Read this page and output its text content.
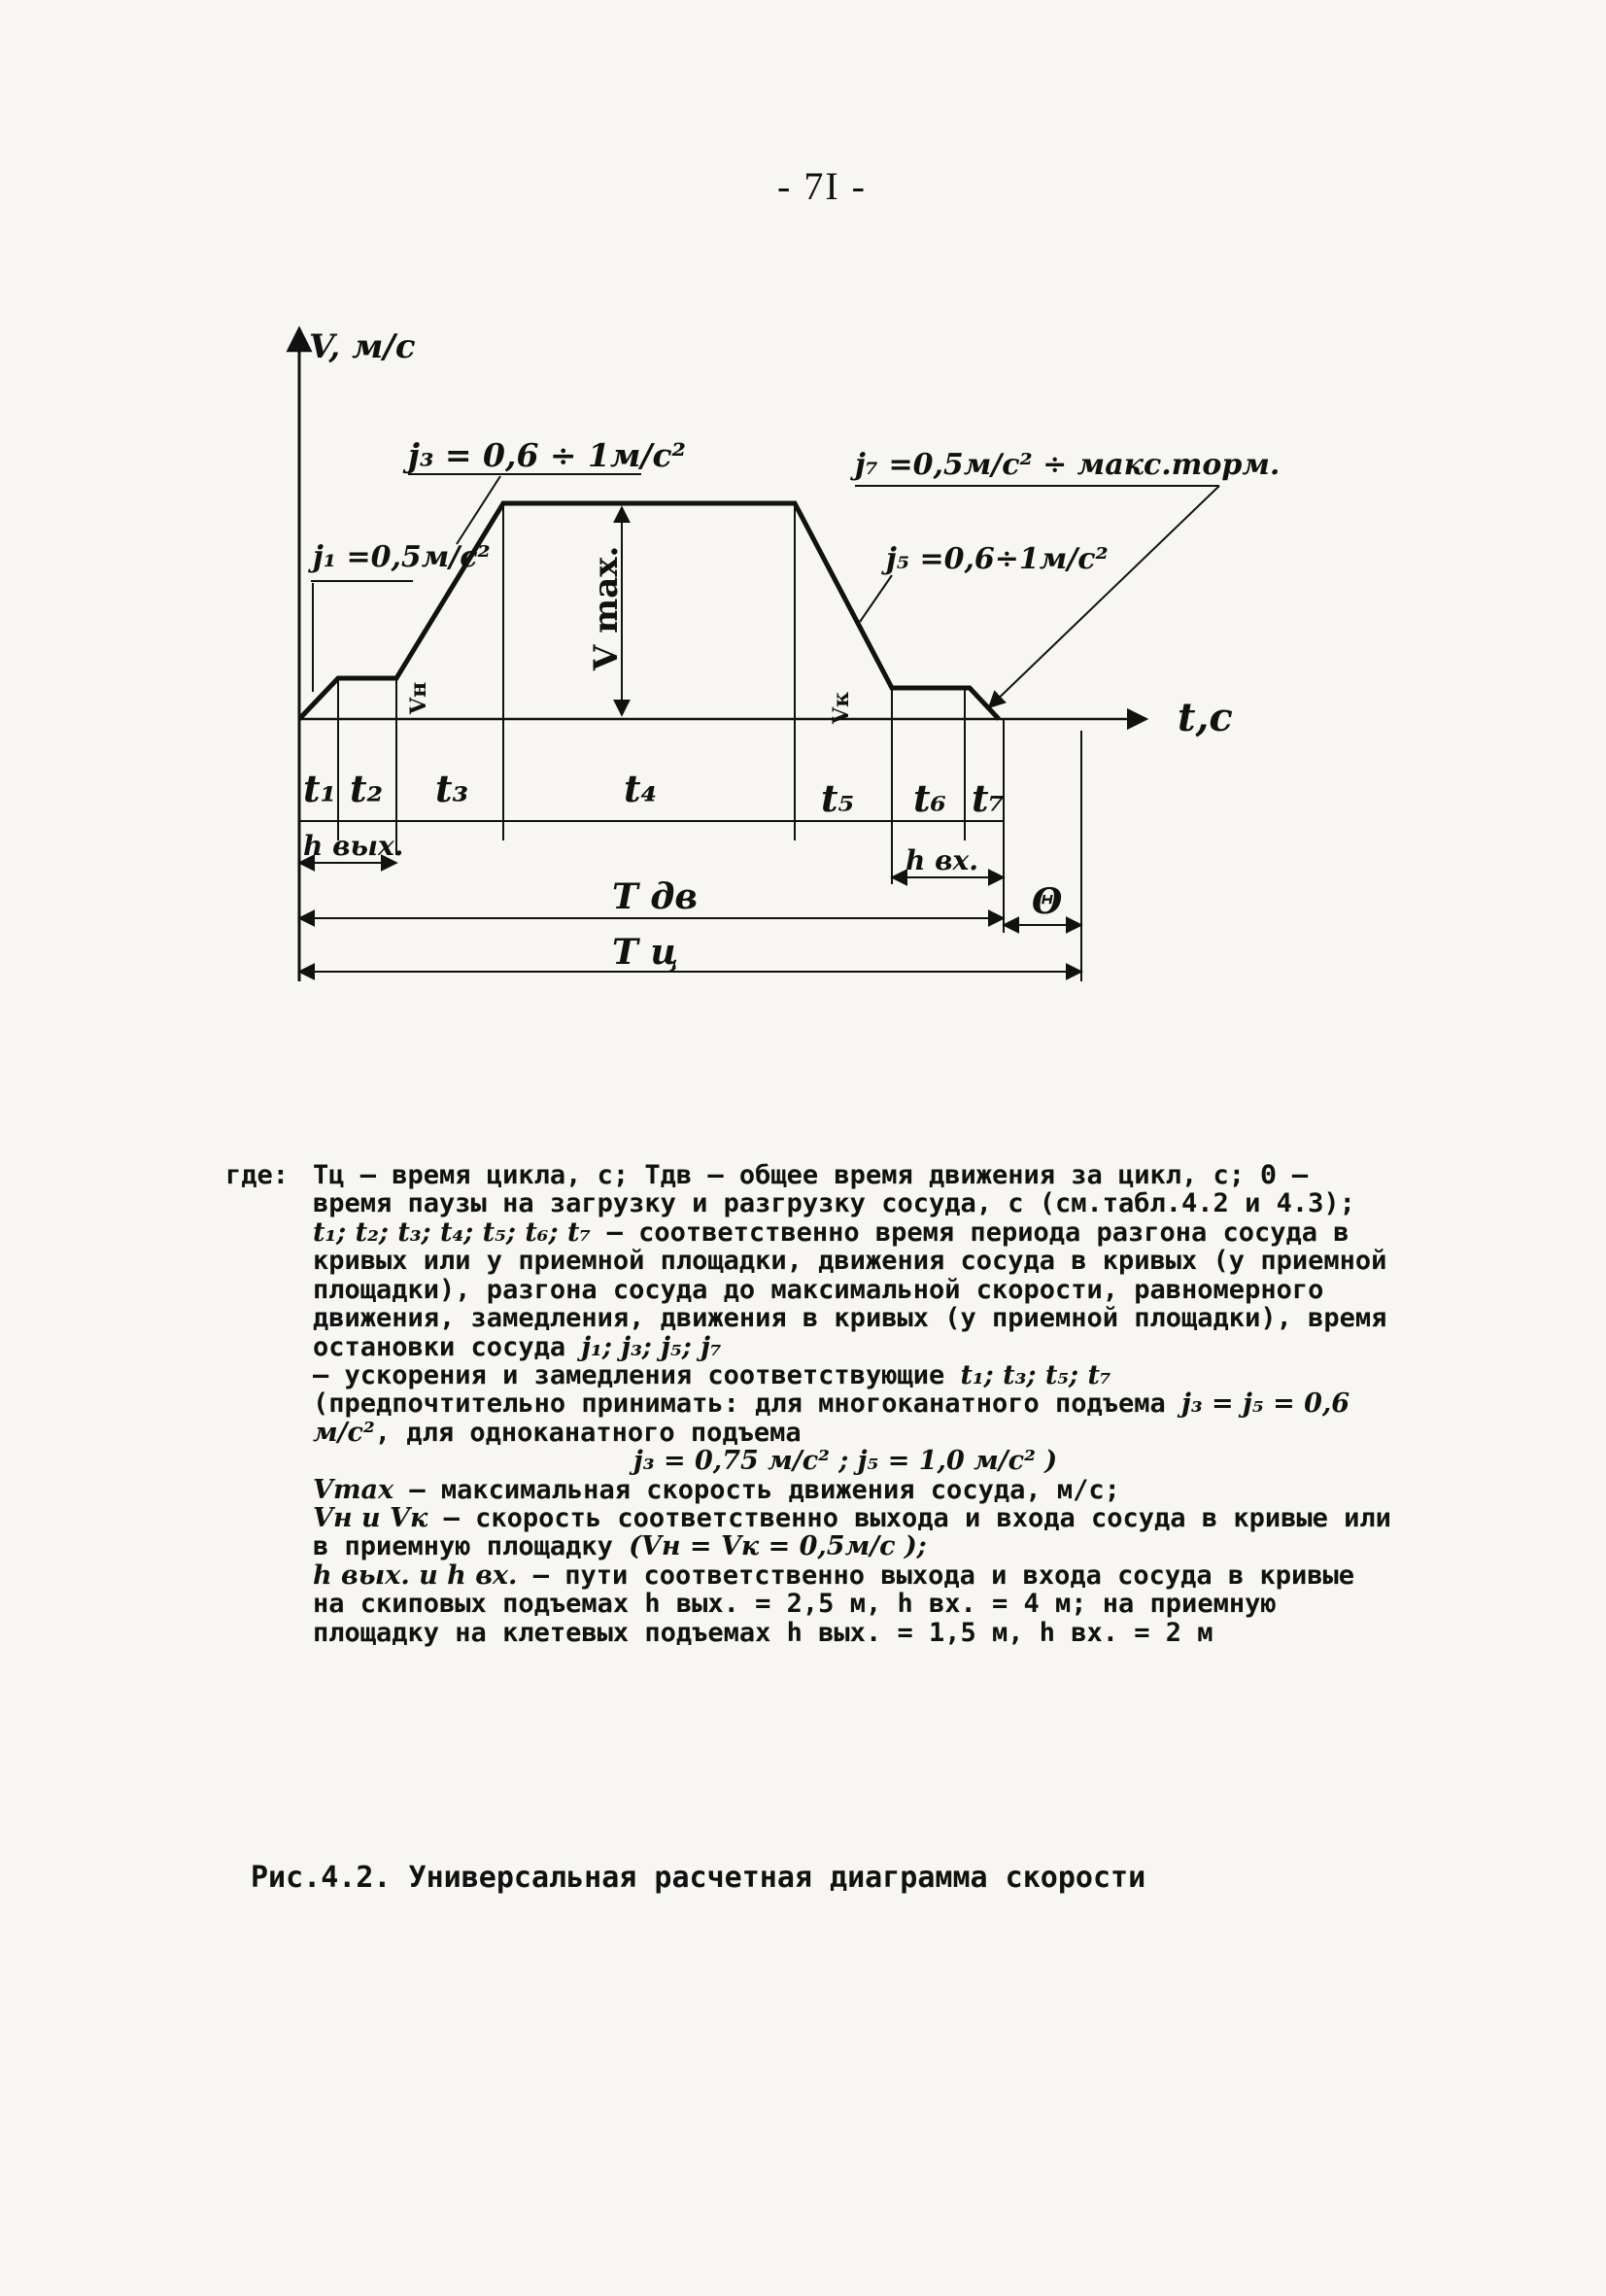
- 7I -
V, м/с
t,c
V max.
Vн	Vк
t₁ t₂ t₃	t₄	t₅ t₆ t₇
h вых.	h вх.
T дв	Θ
T ц
j₃ = 0,6 ÷ 1м/с²	j₇ =0,5м/с² ÷ макс.торм.
j₁ =0,5м/с²	j₅ =0,6÷1м/с²
где: Тц – время цикла, с; Тдв – общее время движения за цикл, с; Θ – время паузы на загрузку и разгрузку сосуда, с (см.табл.4.2 и 4.3);

t₁; t₂; t₃; t₄; t₅; t₆; t₇ – соответственно время периода разгона сосуда в кривых или у приемной площадки, движения сосуда в кривых (у приемной площадки), разгона сосуда до максимальной скорости, равномерного движения, замедления, движения в кривых (у приемной площадки), время остановки сосуда j₁; j₃; j₅; j₇

– ускорения и замедления соответствующие t₁; t₃; t₅; t₇

(предпочтительно принимать: для многоканатного подъема j₃ = j₅ = 0,6 м/с², для одноканатного подъема

j₃ = 0,75 м/с² ; j₅ = 1,0 м/с² )

Vmax – максимальная скорость движения сосуда, м/с;

Vн и Vк – скорость соответственно выхода и входа сосуда в кривые или в приемную площадку (Vн = Vк = 0,5м/с );

h вых. и h вх. – пути соответственно выхода и входа сосуда в кривые на скиповых подъемах h вых. = 2,5 м, h вх. = 4 м; на приемную площадку на клетевых подъемах h вых. = 1,5 м, h вх. = 2 м

Рис.4.2. Универсальная расчетная диаграмма скорости
